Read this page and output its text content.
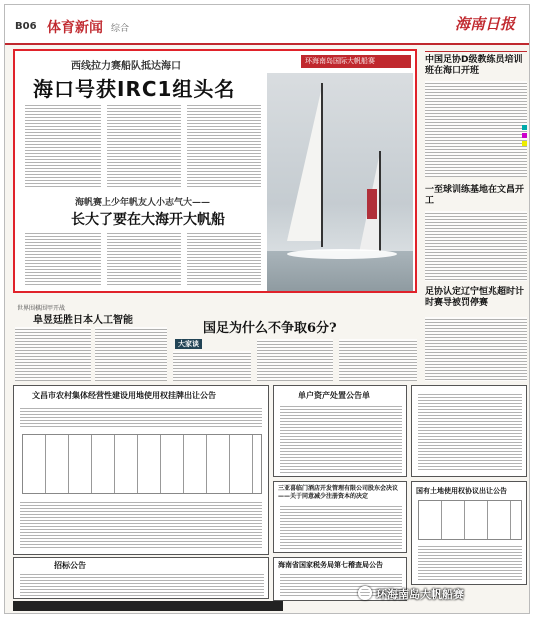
B06 体育新闻 综合	海南日报
西线拉力赛船队抵达海口	环海南岛国际大帆船赛
海口号获IRC1组头名
海帆赛上少年帆友人小志气大——
长大了要在大海开大帆船
中国足协D级教练员培训班在海口开班
一至球训练基地在文昌开工
足协认定辽宁恒兆超时计时赛导被罚停赛
世界围棋围甲开战
阜昱廷胜日本人工智能
国足为什么不争取6分?
大家谈
文昌市农村集体经营性建设用地使用权挂牌出让公告	单户资产处置公告单
三亚喜临门酒店开发管理有限公司股东会决议——关于同意减少注册资本的决定
国有土地使用权协议出让公告
招标公告	海南省国家税务局第七稽查局公告
环海南岛大帆船赛
